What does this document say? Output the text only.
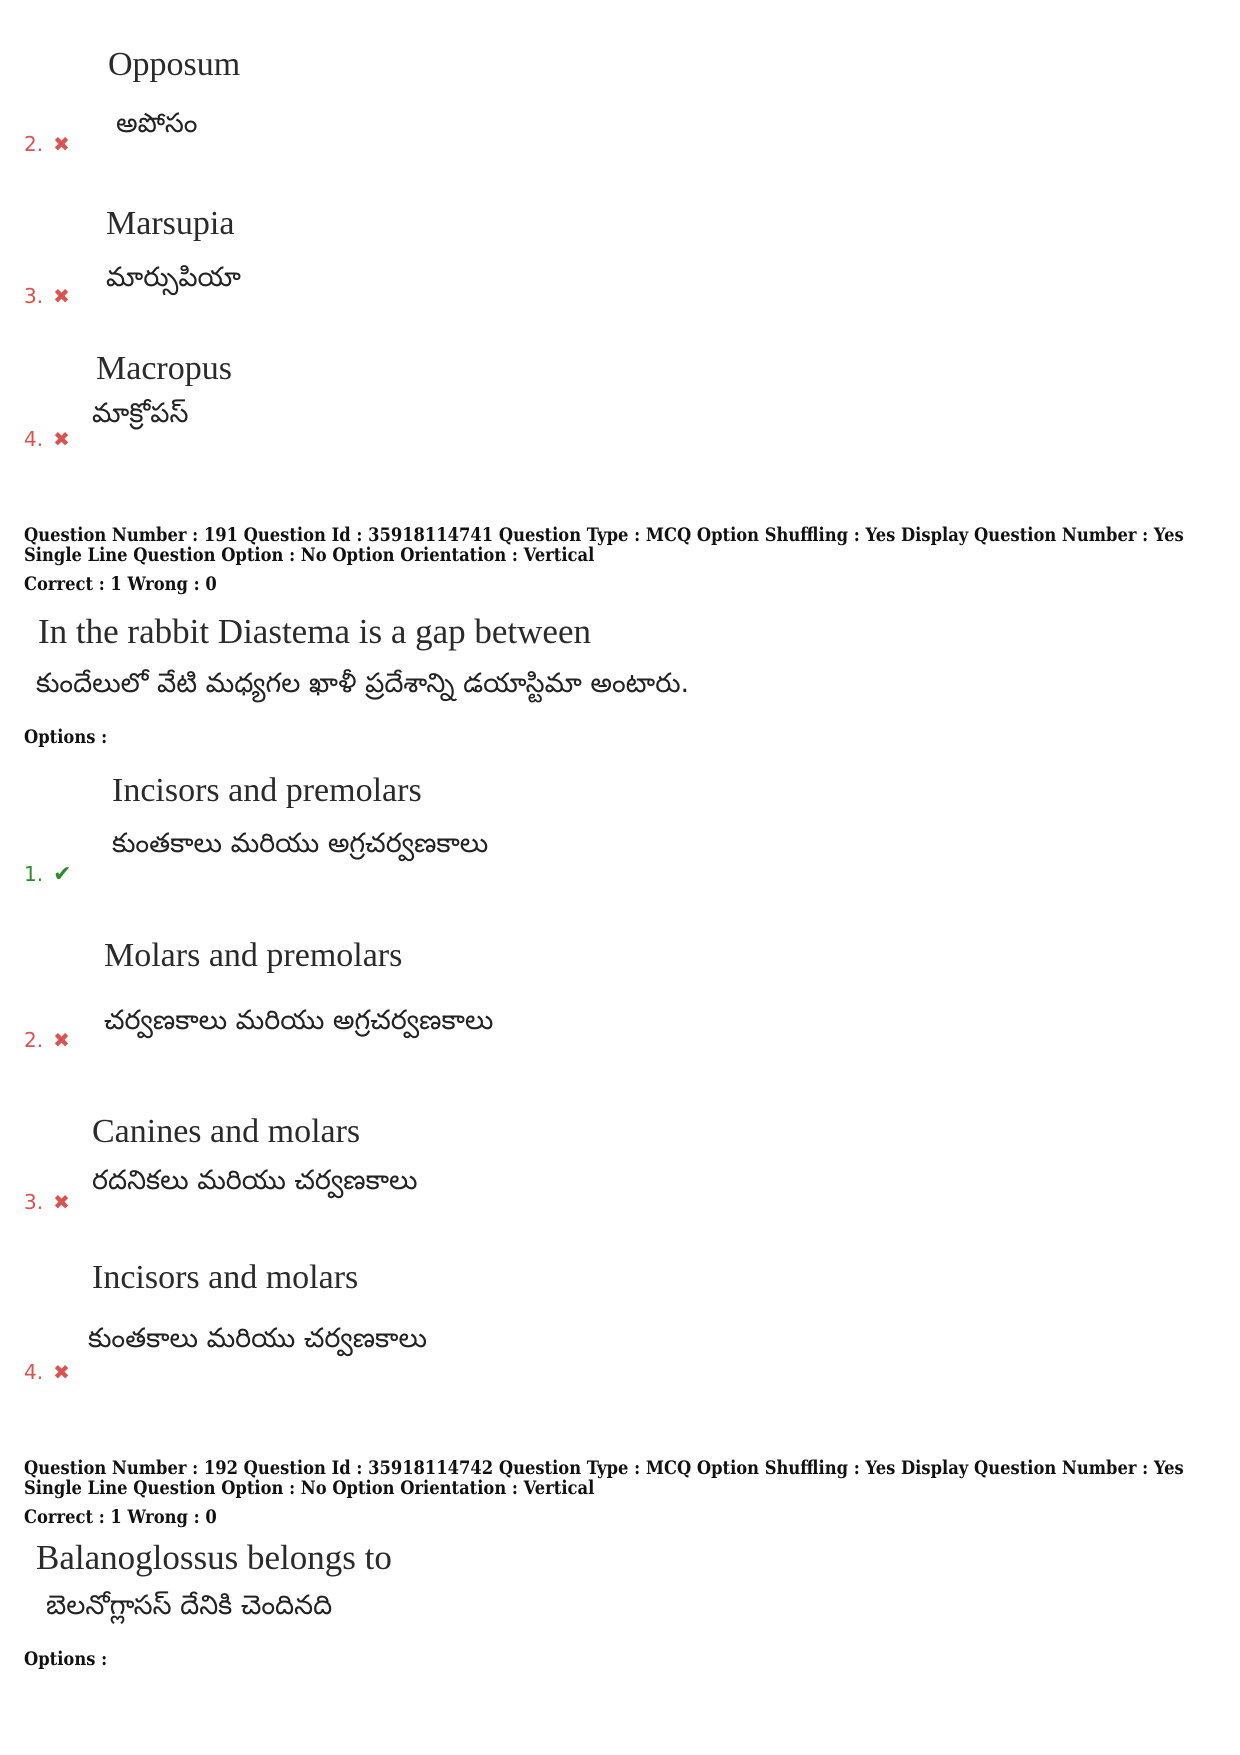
Opposum
అపోసం
2. ✖
Marsupia
మార్సుపియా
3. ✖
Macropus
మాక్రోపస్
4. ✖
Question Number : 191 Question Id : 35918114741 Question Type : MCQ Option Shuffling : Yes Display Question Number : Yes
Single Line Question Option : No Option Orientation : Vertical
Correct : 1 Wrong : 0
In the rabbit Diastema is a gap between
కుందేలులో వేటి మధ్యగల ఖాళీ ప్రదేశాన్ని డయాస్టిమా అంటారు.
Options :
Incisors and premolars
కుంతకాలు మరియు అగ్రచర్వణకాలు
1. ✔
Molars and premolars
చర్వణకాలు మరియు అగ్రచర్వణకాలు
2. ✖
Canines and molars
రదనికలు మరియు చర్వణకాలు
3. ✖
Incisors and molars
కుంతకాలు మరియు చర్వణకాలు
4. ✖
Question Number : 192 Question Id : 35918114742 Question Type : MCQ Option Shuffling : Yes Display Question Number : Yes
Single Line Question Option : No Option Orientation : Vertical
Correct : 1 Wrong : 0
Balanoglossus belongs to
బెలనోగ్లాసస్ దేనికి చెందినది
Options :
